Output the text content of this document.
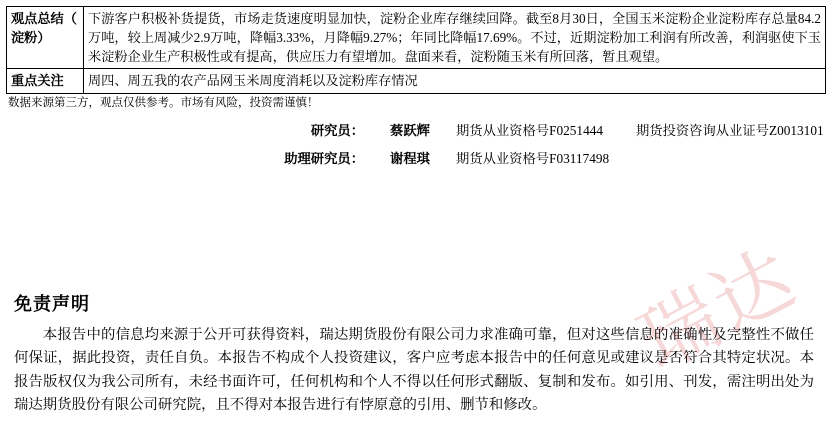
观点总结（
淀粉）	下游客户积极补货提货，市场走货速度明显加快，淀粉企业库存继续回降。截至8月30日，全国玉米淀粉企业淀粉库存总量84.2万吨，较上周减少2.9万吨，降幅3.33%，月降幅9.27%；年同比降幅17.69%。不过，近期淀粉加工利润有所改善，利润驱使下玉米淀粉企业生产积极性或有提高，供应压力有望增加。盘面来看，淀粉随玉米有所回落，暂且观望。

重点关注	周四、周五我的农产品网玉米周度消耗以及淀粉库存情况
数据来源第三方，观点仅供参考。市场有风险，投资需谨慎！
研究员：	蔡跃辉	期货从业资格号F0251444	期货投资咨询从业证号Z0013101
助理研究员：	谢程琪	期货从业资格号F03117498
瑞达
免责声明
本报告中的信息均来源于公开可获得资料，瑞达期货股份有限公司力求准确可靠，但对这些信息的准确性及完整性不做任何保证，据此投资，责任自负。本报告不构成个人投资建议，客户应考虑本报告中的任何意见或建议是否符合其特定状况。本报告版权仅为我公司所有，未经书面许可，任何机构和个人不得以任何形式翻版、复制和发布。如引用、刊发，需注明出处为瑞达期货股份有限公司研究院，且不得对本报告进行有悖原意的引用、删节和修改。
